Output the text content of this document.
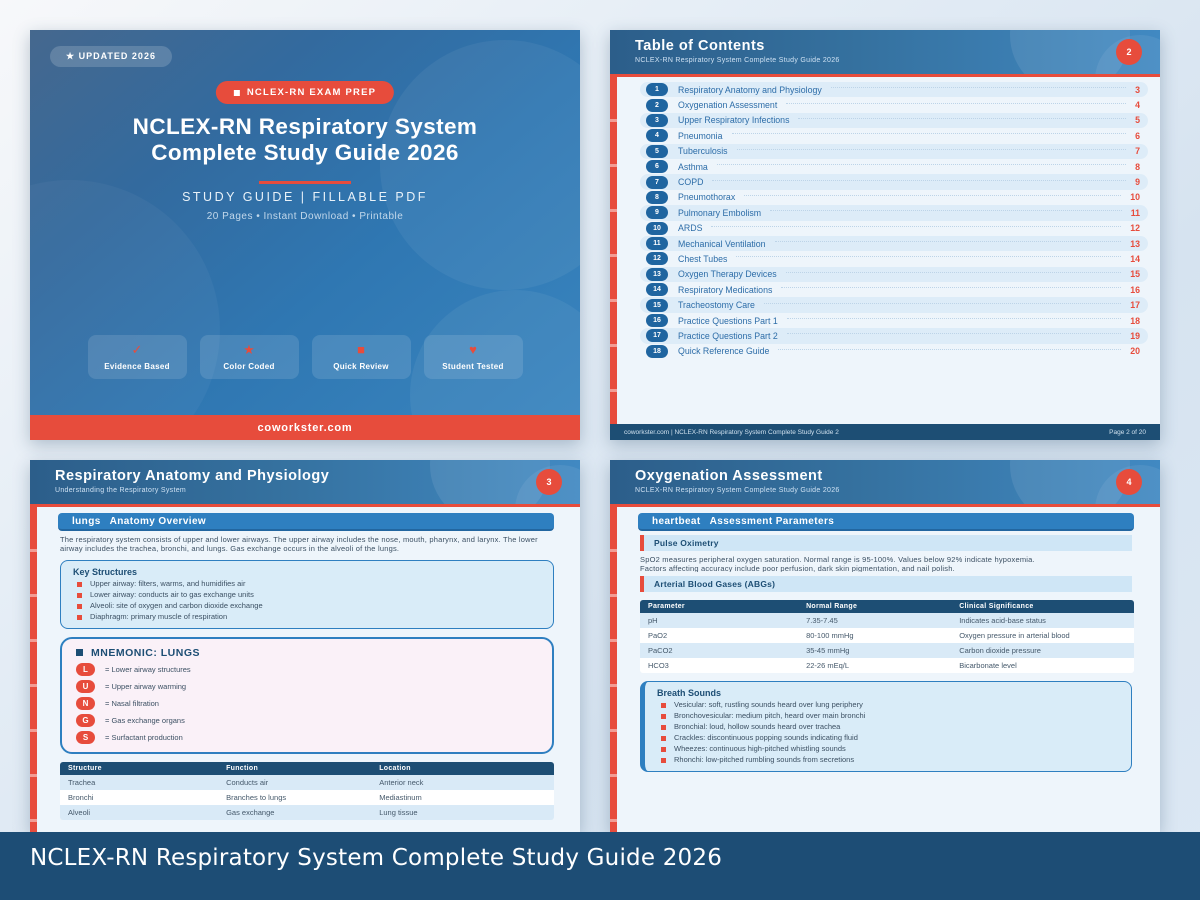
★ UPDATED 2026
NCLEX-RN EXAM PREP
NCLEX-RN Respiratory System
Complete Study Guide 2026
STUDY GUIDE | FILLABLE PDF
20 Pages • Instant Download • Printable
✓
Evidence Based
★
Color Coded
■
Quick Review
♥
Student Tested
coworkster.com
Table of Contents
NCLEX-RN Respiratory System Complete Study Guide 2026
2
1	Respiratory Anatomy and Physiology	3
2	Oxygenation Assessment	4
3	Upper Respiratory Infections	5
4	Pneumonia	6
5	Tuberculosis	7
6	Asthma	8
7	COPD	9
8	Pneumothorax	10
9	Pulmonary Embolism	11
10	ARDS	12
11	Mechanical Ventilation	13
12	Chest Tubes	14
13	Oxygen Therapy Devices	15
14	Respiratory Medications	16
15	Tracheostomy Care	17
16	Practice Questions Part 1	18
17	Practice Questions Part 2	19
18	Quick Reference Guide	20
coworkster.com | NCLEX-RN Respiratory System Complete Study Guide 2	Page 2 of 20
Respiratory Anatomy and Physiology
Understanding the Respiratory System
3
lungs Anatomy Overview
The respiratory system consists of upper and lower airways. The upper airway includes the nose, mouth, pharynx, and larynx. The lower airway includes the trachea, bronchi, and lungs. Gas exchange occurs in the alveoli of the lungs.
Key Structures
Upper airway: filters, warms, and humidifies air
Lower airway: conducts air to gas exchange units
Alveoli: site of oxygen and carbon dioxide exchange
Diaphragm: primary muscle of respiration
MNEMONIC: LUNGS
L	= Lower airway structures
U	= Upper airway warming
N	= Nasal filtration
G	= Gas exchange organs
S	= Surfactant production
Structure	Function	Location
Trachea	Conducts air	Anterior neck
Bronchi	Branches to lungs	Mediastinum
Alveoli	Gas exchange	Lung tissue
Oxygenation Assessment
NCLEX-RN Respiratory System Complete Study Guide 2026
4
heartbeat Assessment Parameters
Pulse Oximetry
SpO2 measures peripheral oxygen saturation. Normal range is 95-100%. Values below 92% indicate hypoxemia. Factors affecting accuracy include poor perfusion, dark skin pigmentation, and nail polish.
Arterial Blood Gases (ABGs)
Parameter	Normal Range	Clinical Significance
pH	7.35-7.45	Indicates acid-base status
PaO2	80-100 mmHg	Oxygen pressure in arterial blood
PaCO2	35-45 mmHg	Carbon dioxide pressure
HCO3	22-26 mEq/L	Bicarbonate level
Breath Sounds
Vesicular: soft, rustling sounds heard over lung periphery
Bronchovesicular: medium pitch, heard over main bronchi
Bronchial: loud, hollow sounds heard over trachea
Crackles: discontinuous popping sounds indicating fluid
Wheezes: continuous high-pitched whistling sounds
Rhonchi: low-pitched rumbling sounds from secretions
NCLEX-RN Respiratory System Complete Study Guide 2026
